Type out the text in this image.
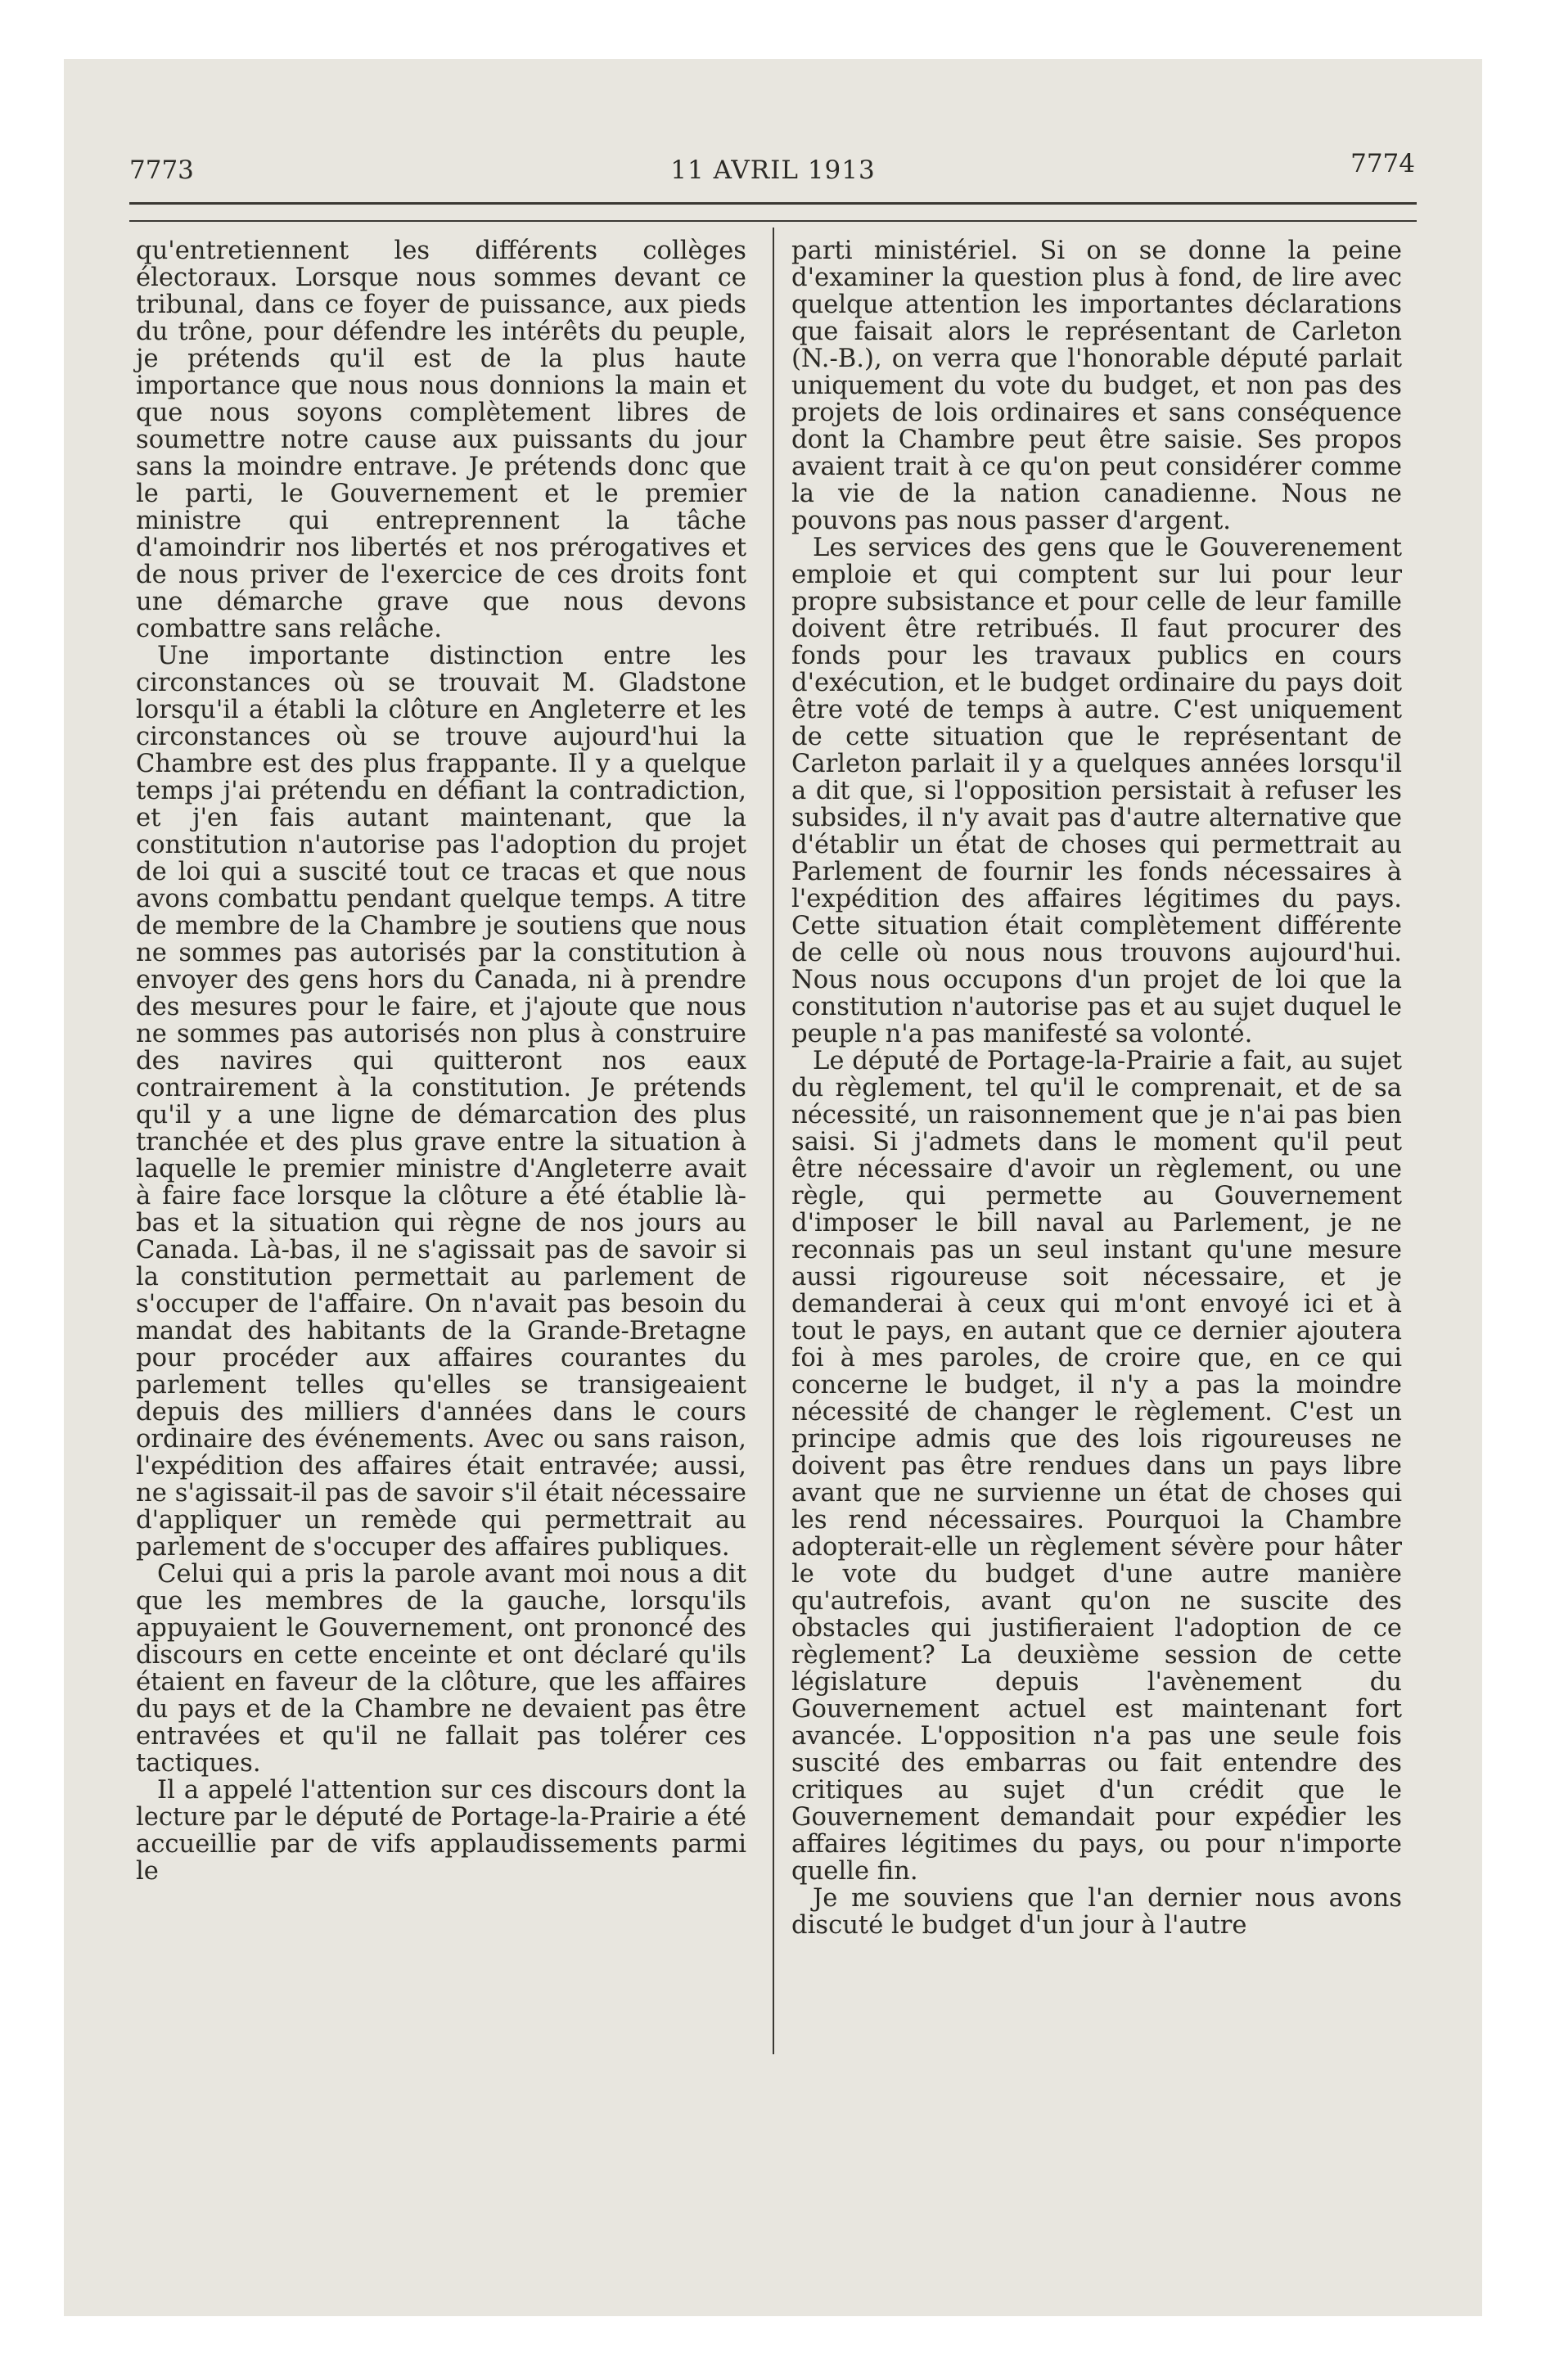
7773	11 AVRIL 1913	7774

qu'entretiennent les différents collèges électoraux. Lorsque nous sommes devant ce tribunal, dans ce foyer de puissance, aux pieds du trône, pour défendre les intérêts du peuple, je prétends qu'il est de la plus haute importance que nous nous donnions la main et que nous soyons complètement libres de soumettre notre cause aux puissants du jour sans la moindre entrave. Je prétends donc que le parti, le Gouvernement et le premier ministre qui entreprennent la tâche d'amoindrir nos libertés et nos prérogatives et de nous priver de l'exercice de ces droits font une démarche grave que nous devons combattre sans relâche.

Une importante distinction entre les circonstances où se trouvait M. Gladstone lorsqu'il a établi la clôture en Angleterre et les circonstances où se trouve aujourd'hui la Chambre est des plus frappante. Il y a quelque temps j'ai prétendu en défiant la contradiction, et j'en fais autant maintenant, que la constitution n'autorise pas l'adoption du projet de loi qui a suscité tout ce tracas et que nous avons combattu pendant quelque temps. A titre de membre de la Chambre je soutiens que nous ne sommes pas autorisés par la constitution à envoyer des gens hors du Canada, ni à prendre des mesures pour le faire, et j'ajoute que nous ne sommes pas autorisés non plus à construire des navires qui quitteront nos eaux contrairement à la constitution. Je prétends qu'il y a une ligne de démarcation des plus tranchée et des plus grave entre la situation à laquelle le premier ministre d'Angleterre avait à faire face lorsque la clôture a été établie là-bas et la situation qui règne de nos jours au Canada. Là-bas, il ne s'agissait pas de savoir si la constitution permettait au parlement de s'occuper de l'affaire. On n'avait pas besoin du mandat des habitants de la Grande-Bretagne pour procéder aux affaires courantes du parlement telles qu'elles se transigeaient depuis des milliers d'années dans le cours ordinaire des événements. Avec ou sans raison, l'expédition des affaires était entravée; aussi, ne s'agissait-il pas de savoir s'il était nécessaire d'appliquer un remède qui permettrait au parlement de s'occuper des affaires publiques.

Celui qui a pris la parole avant moi nous a dit que les membres de la gauche, lorsqu'ils appuyaient le Gouvernement, ont prononcé des discours en cette enceinte et ont déclaré qu'ils étaient en faveur de la clôture, que les affaires du pays et de la Chambre ne devaient pas être entravées et qu'il ne fallait pas tolérer ces tactiques.

Il a appelé l'attention sur ces discours dont la lecture par le député de Portage-la-Prairie a été accueillie par de vifs applaudissements parmi le

parti ministériel. Si on se donne la peine d'examiner la question plus à fond, de lire avec quelque attention les importantes déclarations que faisait alors le représentant de Carleton (N.-B.), on verra que l'honorable député parlait uniquement du vote du budget, et non pas des projets de lois ordinaires et sans conséquence dont la Chambre peut être saisie. Ses propos avaient trait à ce qu'on peut considérer comme la vie de la nation canadienne. Nous ne pouvons pas nous passer d'argent.

Les services des gens que le Gouverenement emploie et qui comptent sur lui pour leur propre subsistance et pour celle de leur famille doivent être retribués. Il faut procurer des fonds pour les travaux publics en cours d'exécution, et le budget ordinaire du pays doit être voté de temps à autre. C'est uniquement de cette situation que le représentant de Carleton parlait il y a quelques années lorsqu'il a dit que, si l'opposition persistait à refuser les subsides, il n'y avait pas d'autre alternative que d'établir un état de choses qui permettrait au Parlement de fournir les fonds nécessaires à l'expédition des affaires légitimes du pays. Cette situation était complètement différente de celle où nous nous trouvons aujourd'hui. Nous nous occupons d'un projet de loi que la constitution n'autorise pas et au sujet duquel le peuple n'a pas manifesté sa volonté.

Le député de Portage-la-Prairie a fait, au sujet du règlement, tel qu'il le comprenait, et de sa nécessité, un raisonnement que je n'ai pas bien saisi. Si j'admets dans le moment qu'il peut être nécessaire d'avoir un règlement, ou une règle, qui permette au Gouvernement d'imposer le bill naval au Parlement, je ne reconnais pas un seul instant qu'une mesure aussi rigoureuse soit nécessaire, et je demanderai à ceux qui m'ont envoyé ici et à tout le pays, en autant que ce dernier ajoutera foi à mes paroles, de croire que, en ce qui concerne le budget, il n'y a pas la moindre nécessité de changer le règlement. C'est un principe admis que des lois rigoureuses ne doivent pas être rendues dans un pays libre avant que ne survienne un état de choses qui les rend nécessaires. Pourquoi la Chambre adopterait-elle un règlement sévère pour hâter le vote du budget d'une autre manière qu'autrefois, avant qu'on ne suscite des obstacles qui justifieraient l'adoption de ce règlement? La deuxième session de cette législature depuis l'avènement du Gouvernement actuel est maintenant fort avancée. L'opposition n'a pas une seule fois suscité des embarras ou fait entendre des critiques au sujet d'un crédit que le Gouvernement demandait pour expédier les affaires légitimes du pays, ou pour n'importe quelle fin.

Je me souviens que l'an dernier nous avons discuté le budget d'un jour à l'autre
